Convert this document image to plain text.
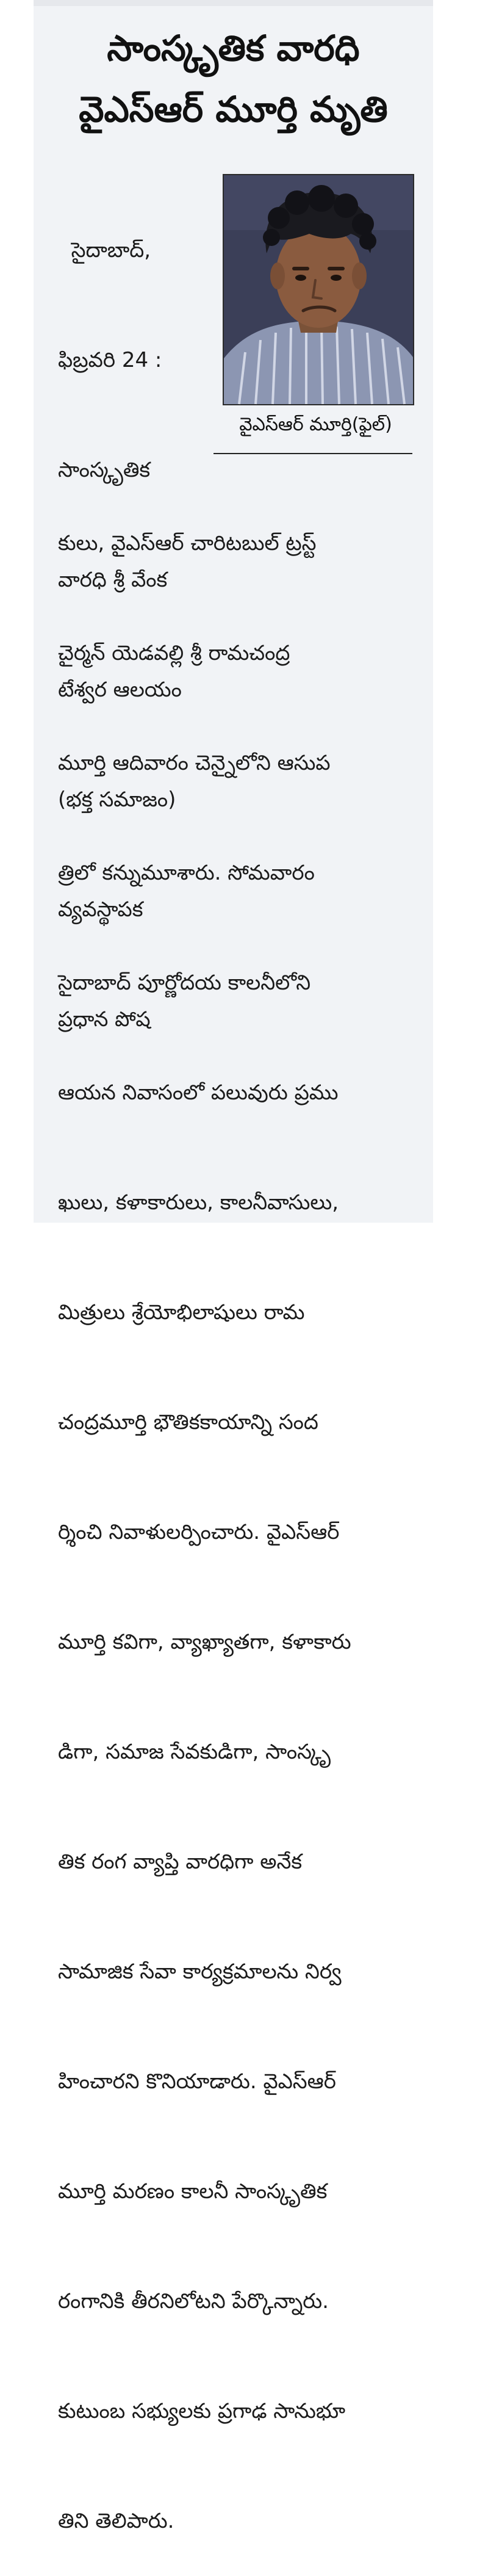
సాంస్కృతిక వారధి
వైఎస్ఆర్ మూర్తి మృతి
వైఎస్ఆర్ మూర్తి(ఫైల్)

సైదాబాద్,

ఫిబ్రవరి 24 :

సాంస్కృతిక

వారధి శ్రీ వేంక

టేశ్వర ఆలయం

(భక్త సమాజం)

వ్యవస్థాపక

ప్రధాన పోష

కులు, వైఎస్ఆర్ చారిటబుల్ ట్రస్ట్

చైర్మన్ యెడవల్లి శ్రీ రామచంద్ర

మూర్తి ఆదివారం చెన్నైలోని ఆసుప

త్రిలో కన్నుమూశారు. సోమవారం

సైదాబాద్ పూర్ణోదయ కాలనీలోని

ఆయన నివాసంలో పలువురు ప్రము

ఖులు, కళాకారులు, కాలనీవాసులు,

మిత్రులు శ్రేయోభిలాషులు రామ

చంద్రమూర్తి భౌతికకాయాన్ని సంద

ర్శించి నివాళులర్పించారు. వైఎస్ఆర్

మూర్తి కవిగా, వ్యాఖ్యాతగా, కళాకారు

డిగా, సమాజ సేవకుడిగా, సాంస్కృ

తిక రంగ వ్యాప్తి వారధిగా అనేక

సామాజిక సేవా కార్యక్రమాలను నిర్వ

హించారని కొనియాడారు. వైఎస్ఆర్

మూర్తి మరణం కాలనీ సాంస్కృతిక

రంగానికి తీరనిలోటని పేర్కొన్నారు.

కుటుంబ సభ్యులకు ప్రగాఢ సానుభూ

తిని తెలిపారు.
